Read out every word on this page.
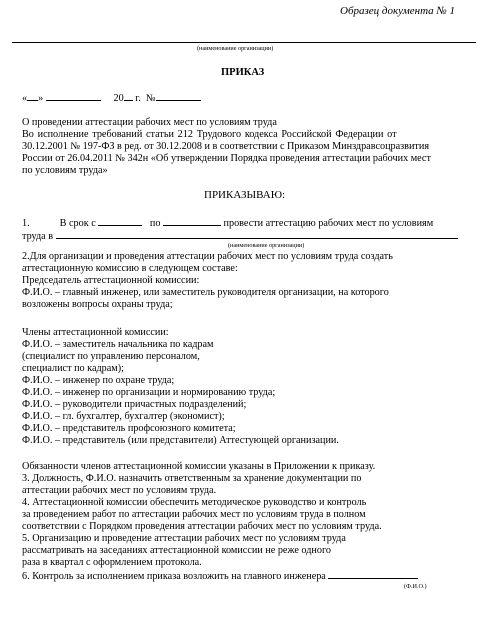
Образец документа № 1
(наименование организации)
ПРИКАЗ
« »	20 г. №
О проведении аттестации рабочих мест по условиям труда
Во исполнение требований статьи 212 Трудового кодекса Российской Федерации от
30.12.2001 № 197-ФЗ в ред. от 30.12.2008 и в соответствии с Приказом Минздравсоцразвития
России от 26.04.2011 № 342н «Об утверждении Порядка проведения аттестации рабочих мест
по условиям труда»
ПРИКАЗЫВАЮ:
1.	В срок с	по	провести аттестацию рабочих мест по условиям
труда в
(наименование организации)
2.Для организации и проведения аттестации рабочих мест по условиям труда создать
аттестационную комиссию в следующем составе:
Председатель аттестационной комиссии:
Ф.И.О. – главный инженер, или заместитель руководителя организации, на которого
возложены вопросы охраны труда;
Члены аттестационной комиссии:
Ф.И.О. – заместитель начальника по кадрам
(специалист по управлению персоналом,
специалист по кадрам);
Ф.И.О. – инженер по охране труда;
Ф.И.О. – инженер по организации и нормированию труда;
Ф.И.О. – руководители причастных подразделений;
Ф.И.О. – гл. бухгалтер, бухгалтер (экономист);
Ф.И.О. – представитель профсоюзного комитета;
Ф.И.О. – представитель (или представители) Аттестующей организации.
Обязанности членов аттестационной комиссии указаны в Приложении к приказу.
3. Должность, Ф.И.О. назначить ответственным за хранение документации по
аттестации рабочих мест по условиям труда.
4. Аттестационной комиссии обеспечить методическое руководство и контроль
за проведением работ по аттестации рабочих мест по условиям труда в полном
соответствии с Порядком проведения аттестации рабочих мест по условиям труда.
5. Организацию и проведение аттестации рабочих мест по условиям труда
рассматривать на заседаниях аттестационной комиссии не реже одного
раза в квартал с оформлением протокола.
6. Контроль за исполнением приказа возложить на главного инженера
(Ф.И.О.)
